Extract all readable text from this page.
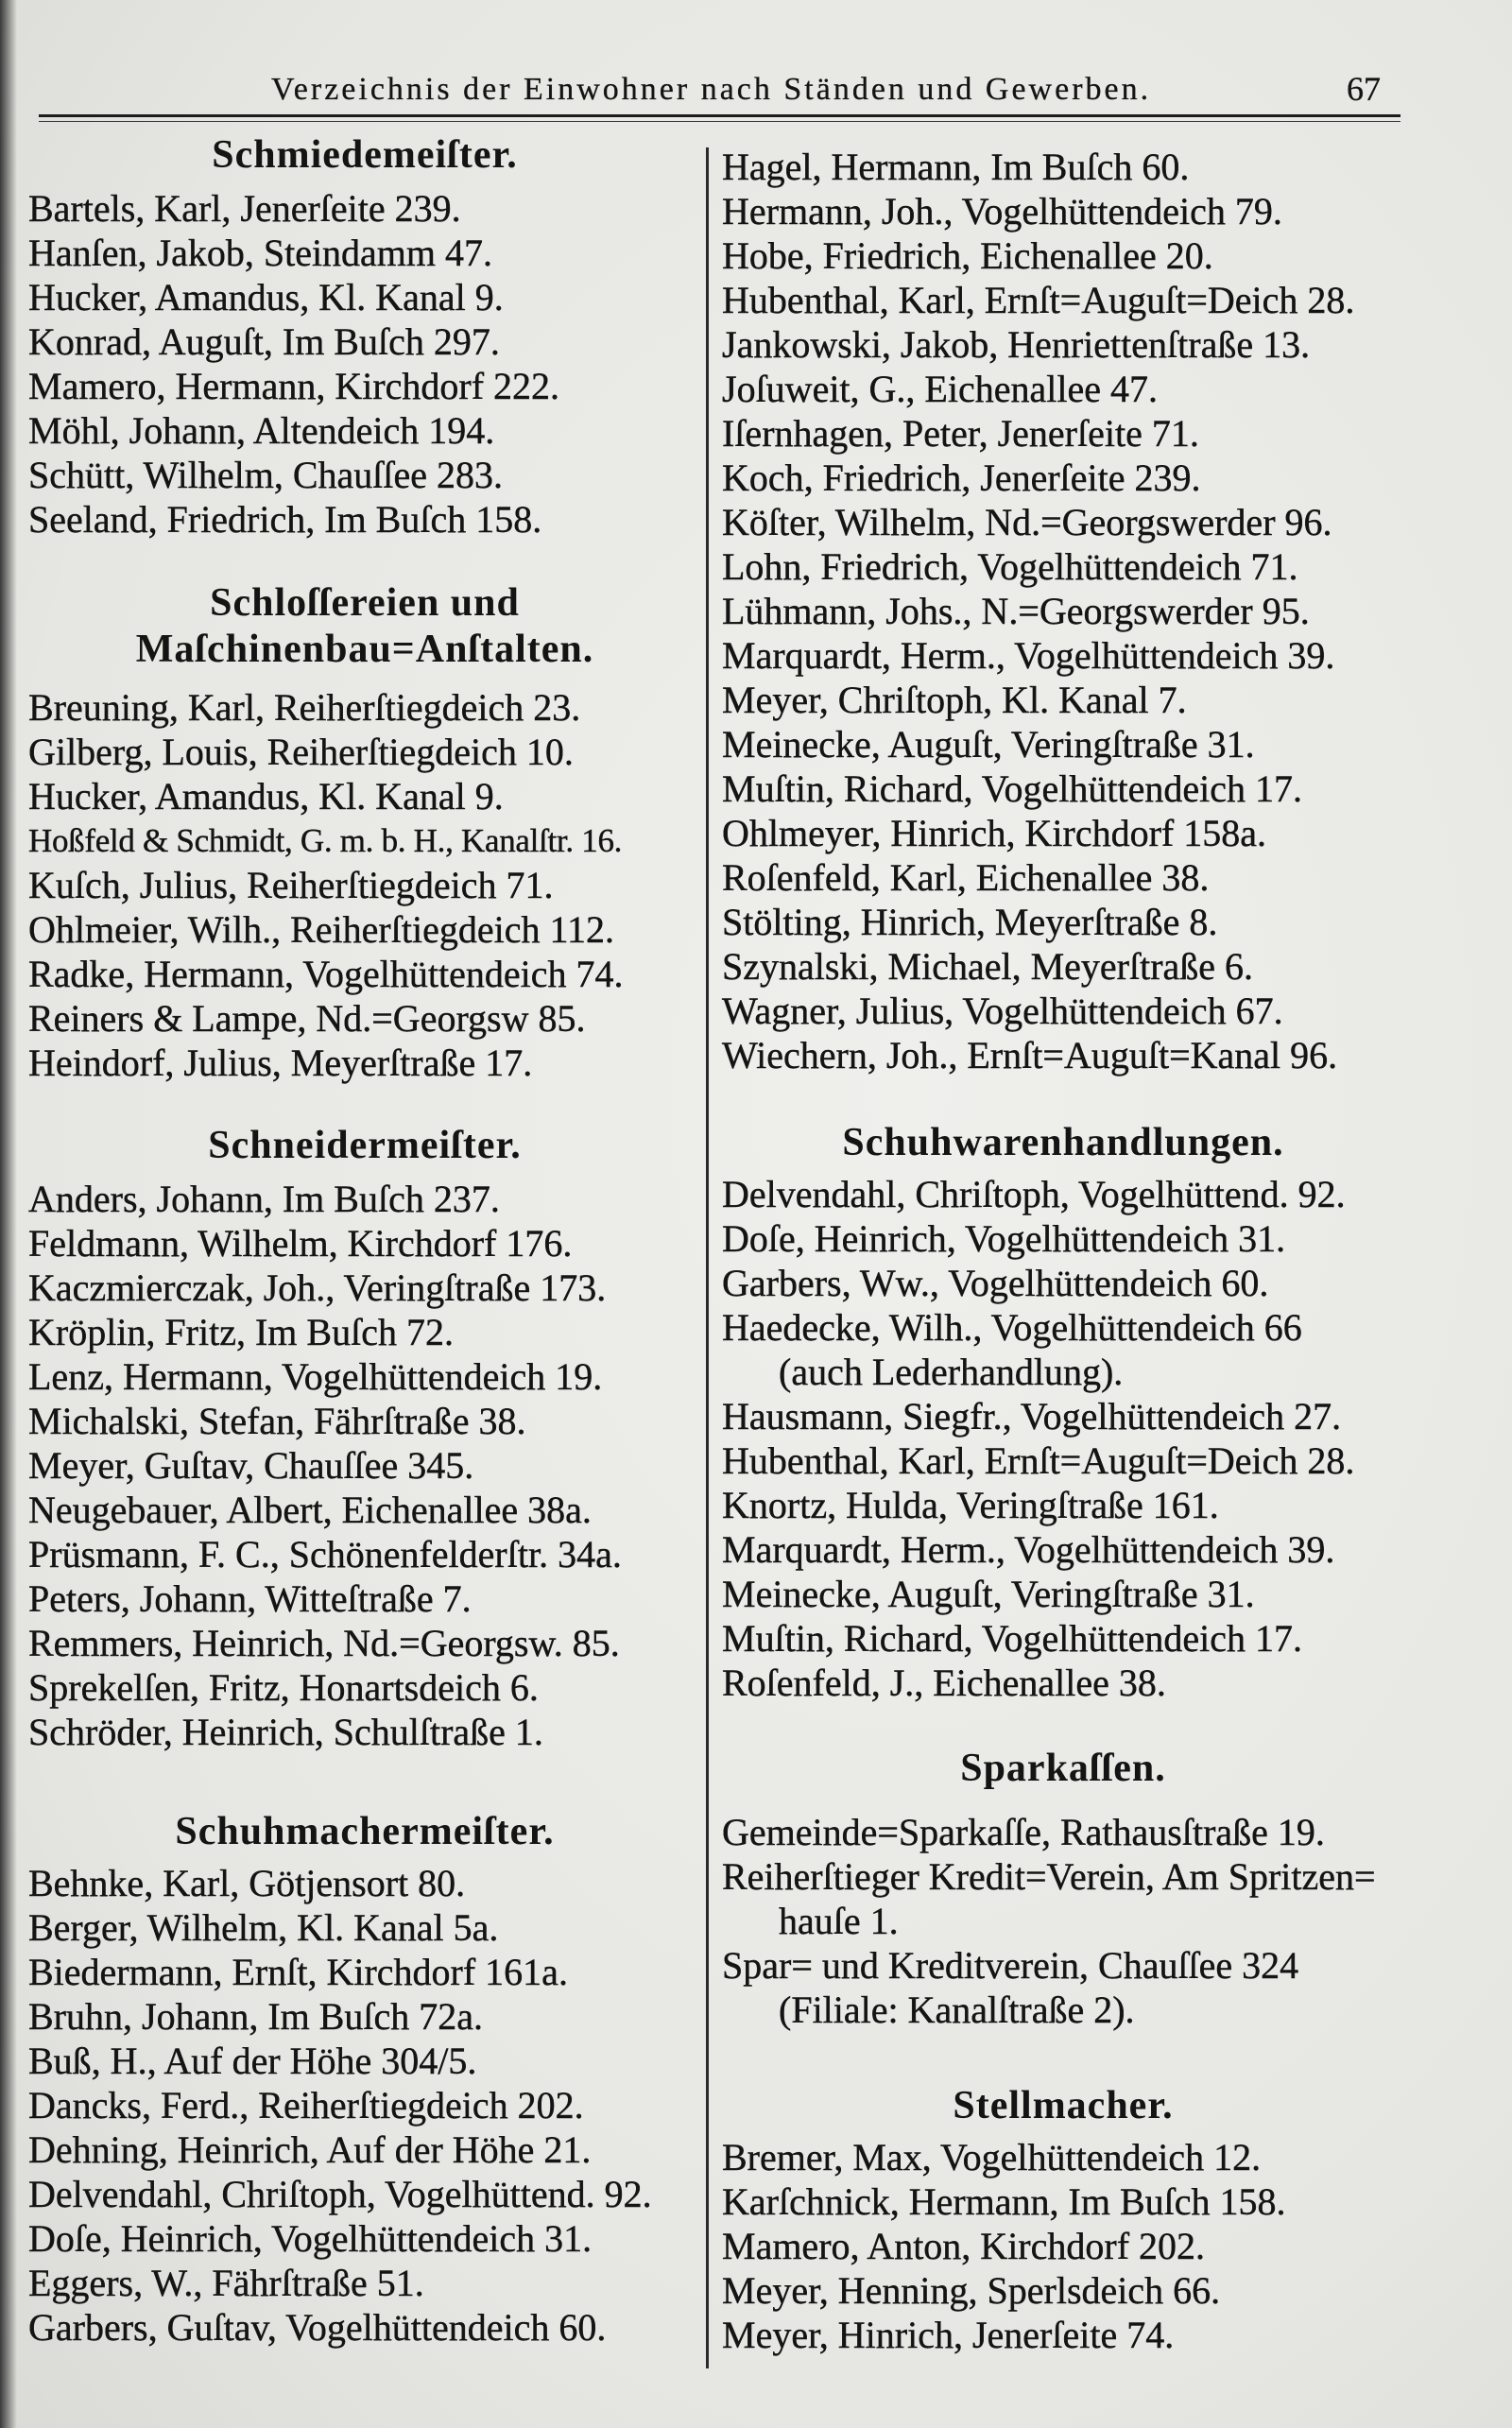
Verzeichnis der Einwohner nach Ständen und Gewerben.	67
Schmiedemeiſter.
Bartels, Karl, Jenerſeite 239.
Hanſen, Jakob, Steindamm 47.
Hucker, Amandus, Kl. Kanal 9.
Konrad, Auguſt, Im Buſch 297.
Mamero, Hermann, Kirchdorf 222.
Möhl, Johann, Altendeich 194.
Schütt, Wilhelm, Chauſſee 283.
Seeland, Friedrich, Im Buſch 158.
Schloſſereien und
Maſchinenbau=Anſtalten.
Breuning, Karl, Reiherſtiegdeich 23.
Gilberg, Louis, Reiherſtiegdeich 10.
Hucker, Amandus, Kl. Kanal 9.
Hoßfeld & Schmidt, G. m. b. H., Kanalſtr. 16.
Kuſch, Julius, Reiherſtiegdeich 71.
Ohlmeier, Wilh., Reiherſtiegdeich 112.
Radke, Hermann, Vogelhüttendeich 74.
Reiners & Lampe, Nd.=Georgsw 85.
Heindorf, Julius, Meyerſtraße 17.
Schneidermeiſter.
Anders, Johann, Im Buſch 237.
Feldmann, Wilhelm, Kirchdorf 176.
Kaczmierczak, Joh., Veringſtraße 173.
Kröplin, Fritz, Im Buſch 72.
Lenz, Hermann, Vogelhüttendeich 19.
Michalski, Stefan, Fährſtraße 38.
Meyer, Guſtav, Chauſſee 345.
Neugebauer, Albert, Eichenallee 38a.
Prüsmann, F. C., Schönenfelderſtr. 34a.
Peters, Johann, Witteſtraße 7.
Remmers, Heinrich, Nd.=Georgsw. 85.
Sprekelſen, Fritz, Honartsdeich 6.
Schröder, Heinrich, Schulſtraße 1.
Schuhmachermeiſter.
Behnke, Karl, Götjensort 80.
Berger, Wilhelm, Kl. Kanal 5a.
Biedermann, Ernſt, Kirchdorf 161a.
Bruhn, Johann, Im Buſch 72a.
Buß, H., Auf der Höhe 304/5.
Dancks, Ferd., Reiherſtiegdeich 202.
Dehning, Heinrich, Auf der Höhe 21.
Delvendahl, Chriſtoph, Vogelhüttend. 92.
Doſe, Heinrich, Vogelhüttendeich 31.
Eggers, W., Fährſtraße 51.
Garbers, Guſtav, Vogelhüttendeich 60.
Hagel, Hermann, Im Buſch 60.
Hermann, Joh., Vogelhüttendeich 79.
Hobe, Friedrich, Eichenallee 20.
Hubenthal, Karl, Ernſt=Auguſt=Deich 28.
Jankowski, Jakob, Henriettenſtraße 13.
Joſuweit, G., Eichenallee 47.
Iſernhagen, Peter, Jenerſeite 71.
Koch, Friedrich, Jenerſeite 239.
Köſter, Wilhelm, Nd.=Georgswerder 96.
Lohn, Friedrich, Vogelhüttendeich 71.
Lühmann, Johs., N.=Georgswerder 95.
Marquardt, Herm., Vogelhüttendeich 39.
Meyer, Chriſtoph, Kl. Kanal 7.
Meinecke, Auguſt, Veringſtraße 31.
Muſtin, Richard, Vogelhüttendeich 17.
Ohlmeyer, Hinrich, Kirchdorf 158a.
Roſenfeld, Karl, Eichenallee 38.
Stölting, Hinrich, Meyerſtraße 8.
Szynalski, Michael, Meyerſtraße 6.
Wagner, Julius, Vogelhüttendeich 67.
Wiechern, Joh., Ernſt=Auguſt=Kanal 96.
Schuhwarenhandlungen.
Delvendahl, Chriſtoph, Vogelhüttend. 92.
Doſe, Heinrich, Vogelhüttendeich 31.
Garbers, Ww., Vogelhüttendeich 60.
Haedecke, Wilh., Vogelhüttendeich 66
(auch Lederhandlung).
Hausmann, Siegfr., Vogelhüttendeich 27.
Hubenthal, Karl, Ernſt=Auguſt=Deich 28.
Knortz, Hulda, Veringſtraße 161.
Marquardt, Herm., Vogelhüttendeich 39.
Meinecke, Auguſt, Veringſtraße 31.
Muſtin, Richard, Vogelhüttendeich 17.
Roſenfeld, J., Eichenallee 38.
Sparkaſſen.
Gemeinde=Sparkaſſe, Rathausſtraße 19.
Reiherſtieger Kredit=Verein, Am Spritzen=
hauſe 1.
Spar= und Kreditverein, Chauſſee 324
(Filiale: Kanalſtraße 2).
Stellmacher.
Bremer, Max, Vogelhüttendeich 12.
Karſchnick, Hermann, Im Buſch 158.
Mamero, Anton, Kirchdorf 202.
Meyer, Henning, Sperlsdeich 66.
Meyer, Hinrich, Jenerſeite 74.
